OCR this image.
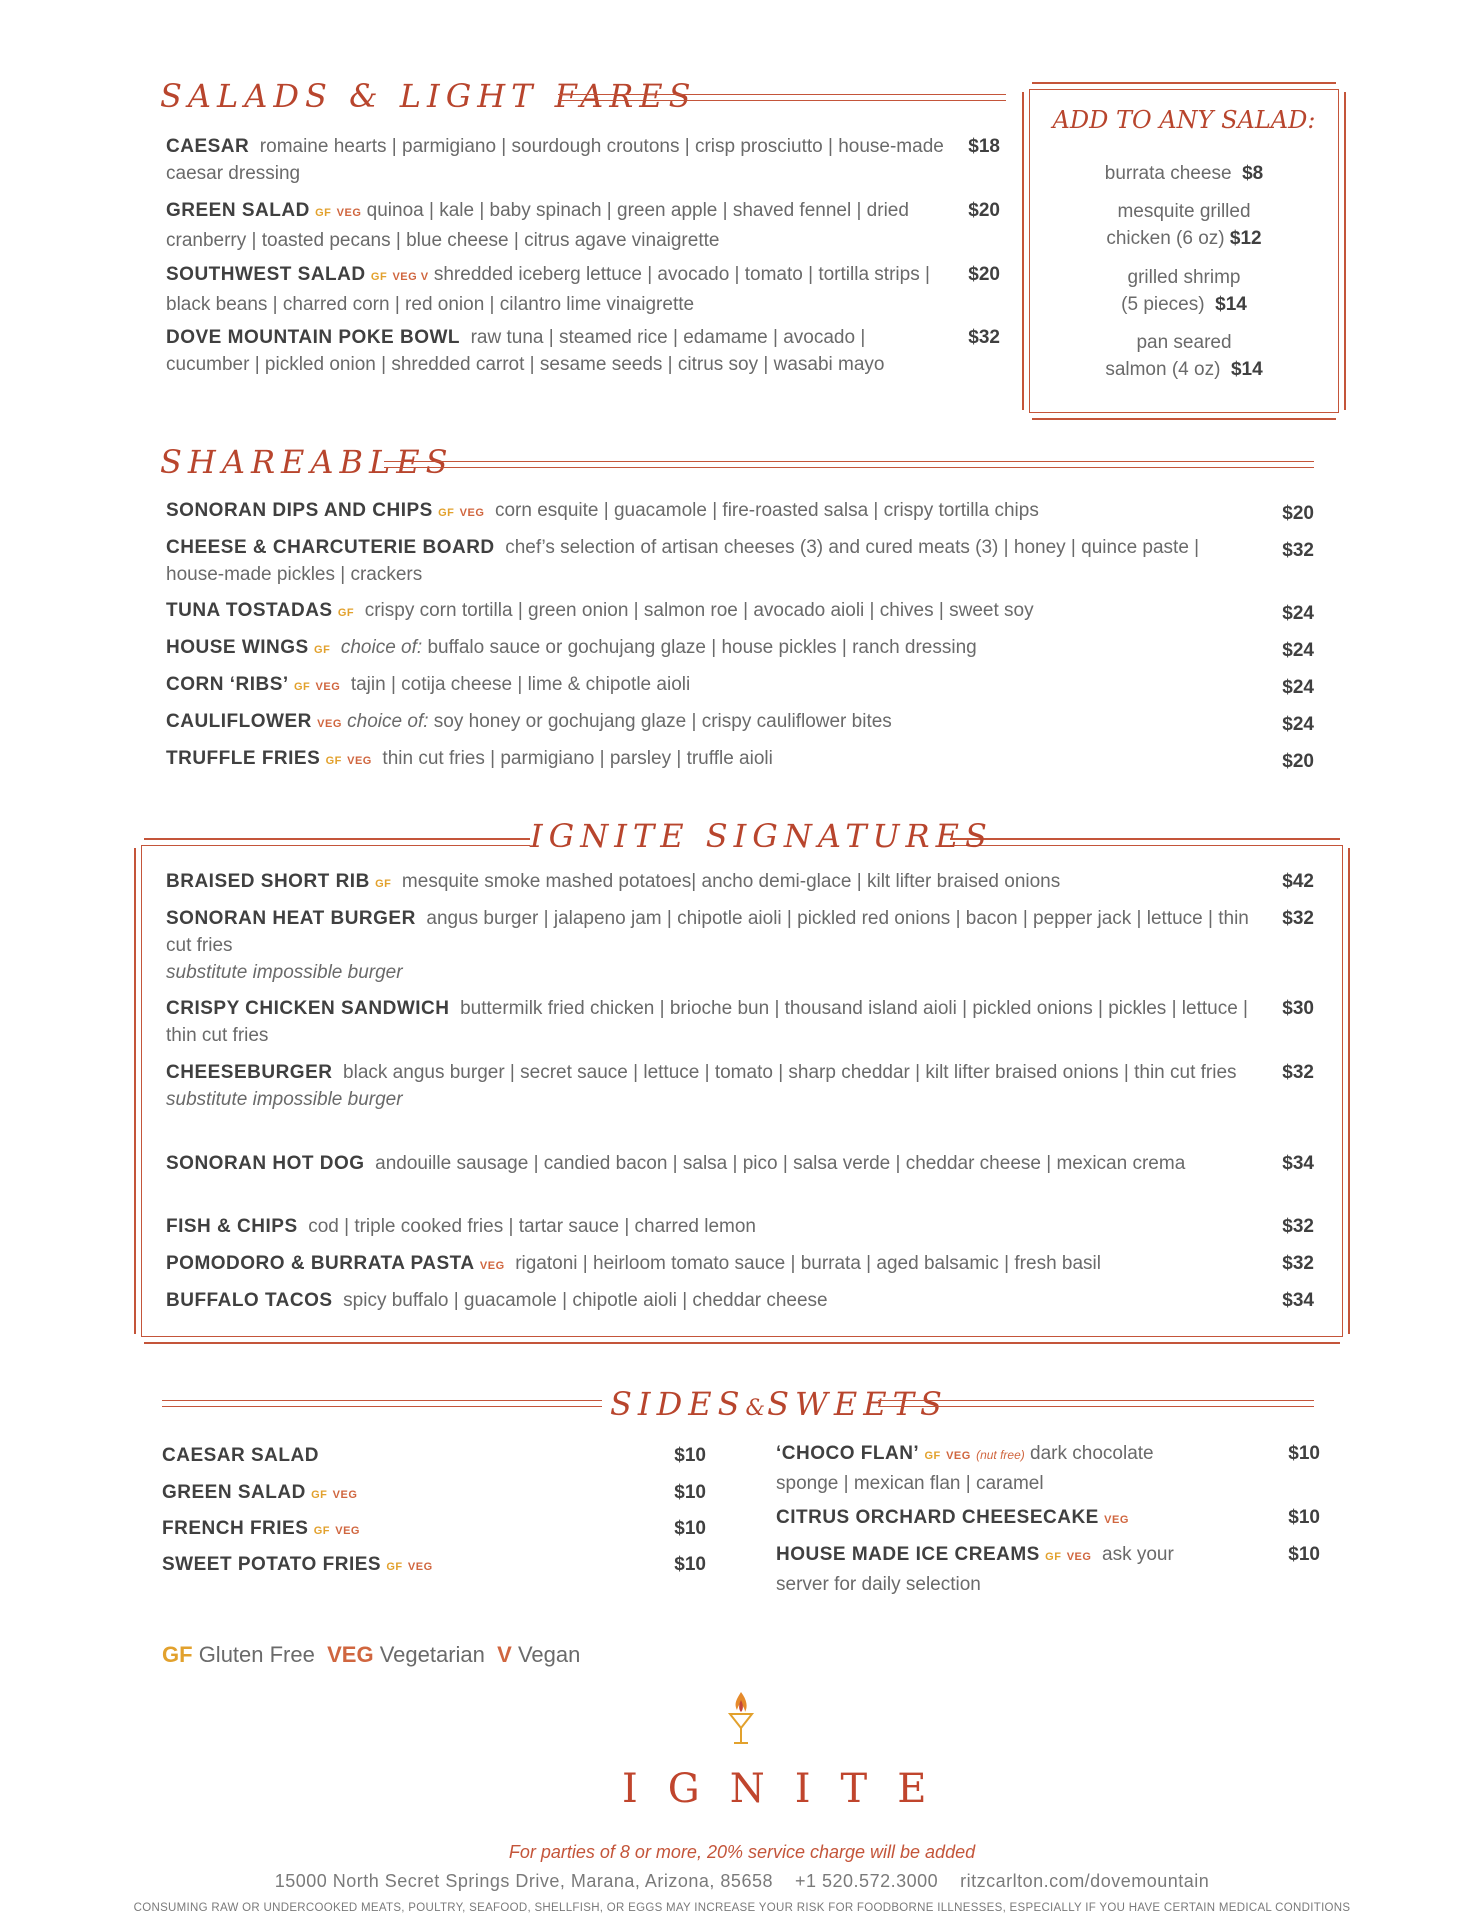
SALADS & LIGHT FARES
CAESAR romaine hearts | parmigiano | sourdough croutons | crisp prosciutto | house-made caesar dressing
$18
GREEN SALAD GF VEG quinoa | kale | baby spinach | green apple | shaved fennel | dried cranberry | toasted pecans | blue cheese | citrus agave vinaigrette
$20
SOUTHWEST SALAD GF VEG V shredded iceberg lettuce | avocado | tomato | tortilla strips | black beans | charred corn | red onion | cilantro lime vinaigrette
$20
DOVE MOUNTAIN POKE BOWL raw tuna | steamed rice | edamame | avocado | cucumber | pickled onion | shredded carrot | sesame seeds | citrus soy | wasabi mayo
$32
ADD TO ANY SALAD:
burrata cheese $8
mesquite grilled
chicken (6 oz) $12
grilled shrimp
(5 pieces) $14
pan seared
salmon (4 oz) $14
SHAREABLES
SONORAN DIPS AND CHIPS GF VEG corn esquite | guacamole | fire-roasted salsa | crispy tortilla chips	$20
CHEESE & CHARCUTERIE BOARD chef’s selection of artisan cheeses (3) and cured meats (3) | honey | quince paste | house-made pickles | crackers
$32
TUNA TOSTADAS GF crispy corn tortilla | green onion | salmon roe | avocado aioli | chives | sweet soy	$24
HOUSE WINGS GF choice of: buffalo sauce or gochujang glaze | house pickles | ranch dressing	$24
CORN ‘RIBS’ GF VEG tajin | cotija cheese | lime & chipotle aioli	$24
CAULIFLOWER VEG choice of: soy honey or gochujang glaze | crispy cauliflower bites	$24
TRUFFLE FRIES GF VEG thin cut fries | parmigiano | parsley | truffle aioli	$20
IGNITE SIGNATURES
BRAISED SHORT RIB GF mesquite smoke mashed potatoes| ancho demi-glace | kilt lifter braised onions	$42
SONORAN HEAT BURGER angus burger | jalapeno jam | chipotle aioli | pickled red onions | bacon | pepper jack | lettuce | thin cut fries
substitute impossible burger
$32
CRISPY CHICKEN SANDWICH buttermilk fried chicken | brioche bun | thousand island aioli | pickled onions | pickles | lettuce | thin cut fries
$30
CHEESEBURGER black angus burger | secret sauce | lettuce | tomato | sharp cheddar | kilt lifter braised onions | thin cut fries
substitute impossible burger
$32
SONORAN HOT DOG andouille sausage | candied bacon | salsa | pico | salsa verde | cheddar cheese | mexican crema	$34
FISH & CHIPS cod | triple cooked fries | tartar sauce | charred lemon	$32
POMODORO & BURRATA PASTA VEG rigatoni | heirloom tomato sauce | burrata | aged balsamic | fresh basil	$32
BUFFALO TACOS spicy buffalo | guacamole | chipotle aioli | cheddar cheese	$34
SIDES&SWEETS
CAESAR SALAD	$10
GREEN SALAD GF VEG	$10
FRENCH FRIES GF VEG	$10
SWEET POTATO FRIES GF VEG	$10
‘CHOCO FLAN’ GF VEG (nut free) dark chocolate sponge | mexican flan | caramel
$10
CITRUS ORCHARD CHEESECAKE VEG	$10
HOUSE MADE ICE CREAMS GF VEG ask your server for daily selection
$10
GF Gluten Free VEG Vegetarian V Vegan
IGNITE
For parties of 8 or more, 20% service charge will be added
15000 North Secret Springs Drive, Marana, Arizona, 85658 +1 520.572.3000 ritzcarlton.com/dovemountain
CONSUMING RAW OR UNDERCOOKED MEATS, POULTRY, SEAFOOD, SHELLFISH, OR EGGS MAY INCREASE YOUR RISK FOR FOODBORNE ILLNESSES, ESPECIALLY IF YOU HAVE CERTAIN MEDICAL CONDITIONS
